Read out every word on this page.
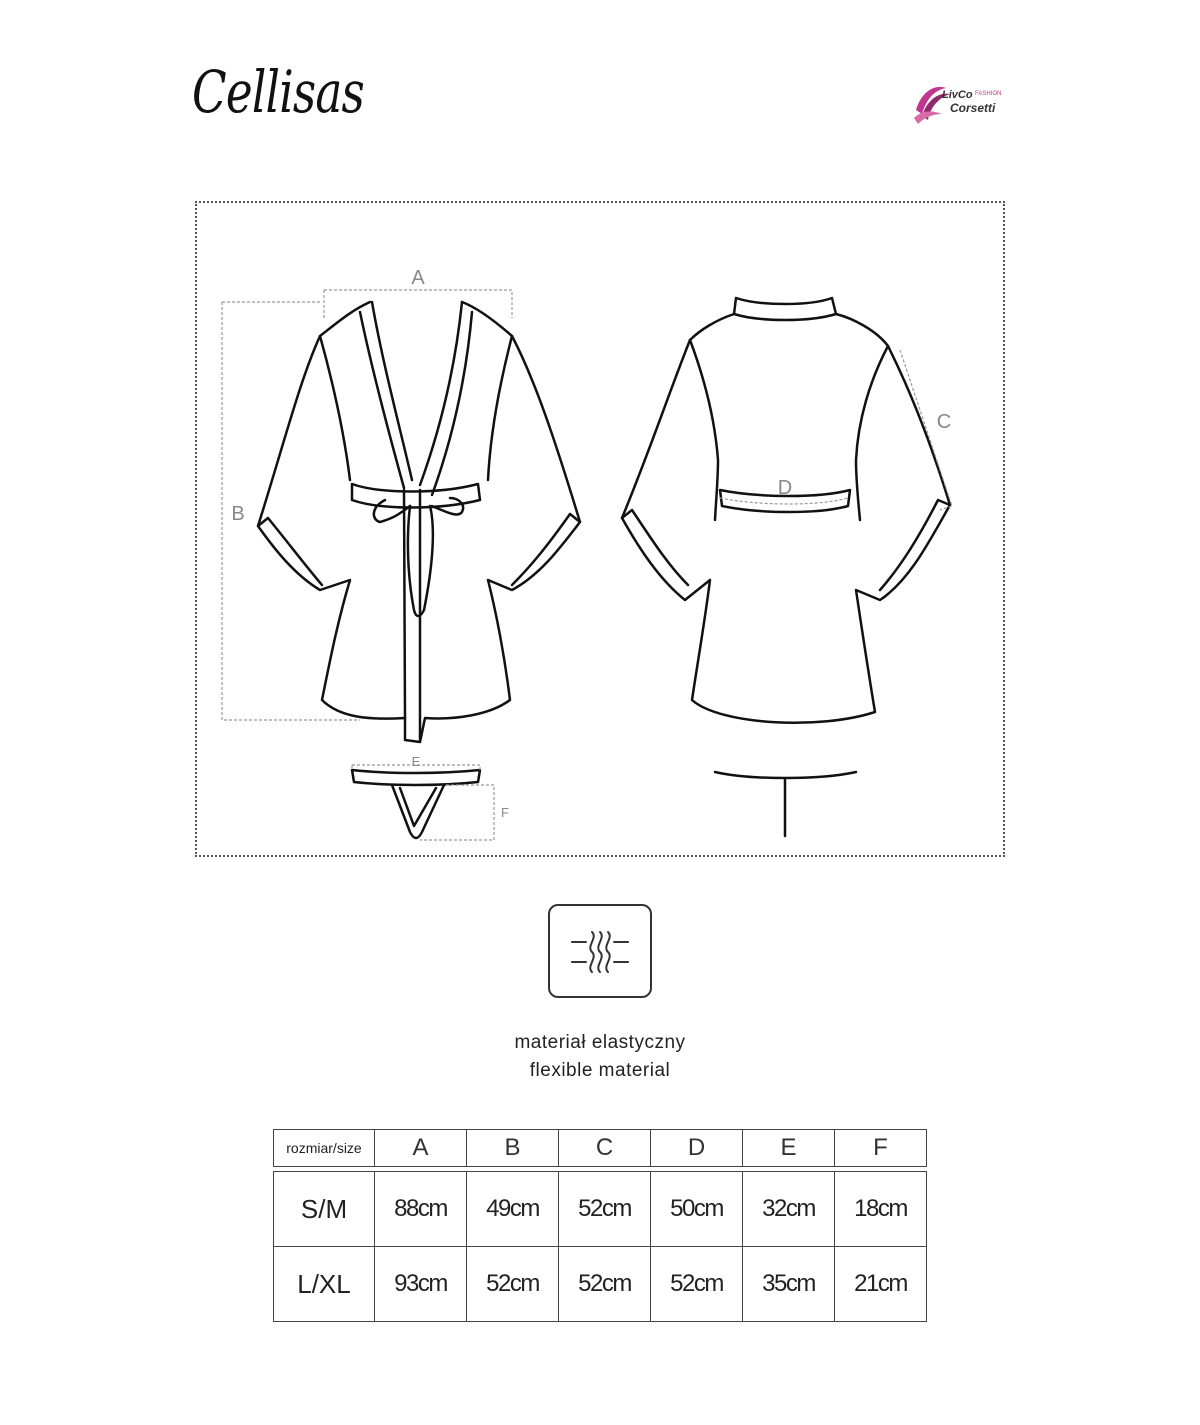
Cellisas	LivCo FASHION
Corsetti
A
B
C
D
E
F
materiał elastyczny
flexible material
rozmiar/size	A	B	C	D	E	F

S/M	88cm	49cm	52cm	50cm	32cm	18cm
L/XL	93cm	52cm	52cm	52cm	35cm	21cm
